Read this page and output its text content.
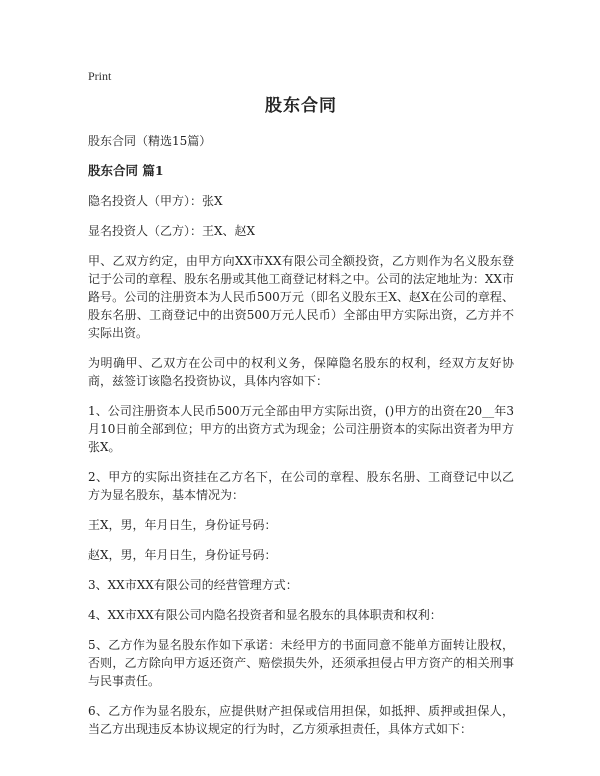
Print
股东合同
股东合同（精选15篇）
股东合同 篇1

隐名投资人（甲方）：张X

显名投资人（乙方）：王X、赵X

甲、乙双方约定，由甲方向XX市XX有限公司全额投资，乙方则作为名义股东登记于公司的章程、股东名册或其他工商登记材料之中。公司的法定地址为：XX市路号。公司的注册资本为人民币500万元（即名义股东王X、赵X在公司的章程、股东名册、工商登记中的出资500万元人民币）全部由甲方实际出资，乙方并不实际出资。

为明确甲、乙双方在公司中的权利义务，保障隐名股东的权利，经双方友好协商，兹签订该隐名投资协议，具体内容如下：

1、公司注册资本人民币500万元全部由甲方实际出资，()甲方的出资在20__年3月10日前全部到位；甲方的出资方式为现金；公司注册资本的实际出资者为甲方张X。

2、甲方的实际出资挂在乙方名下，在公司的章程、股东名册、工商登记中以乙方为显名股东，基本情况为：

王X，男，年月日生，身份证号码：

赵X，男，年月日生，身份证号码：

3、XX市XX有限公司的经营管理方式：

4、XX市XX有限公司内隐名投资者和显名股东的具体职责和权利：

5、乙方作为显名股东作如下承诺：未经甲方的书面同意不能单方面转让股权，否则，乙方除向甲方返还资产、赔偿损失外，还须承担侵占甲方资产的相关刑事与民事责任。

6、乙方作为显名股东，应提供财产担保或信用担保，如抵押、质押或担保人，当乙方出现违反本协议规定的行为时，乙方须承担责任，具体方式如下：
